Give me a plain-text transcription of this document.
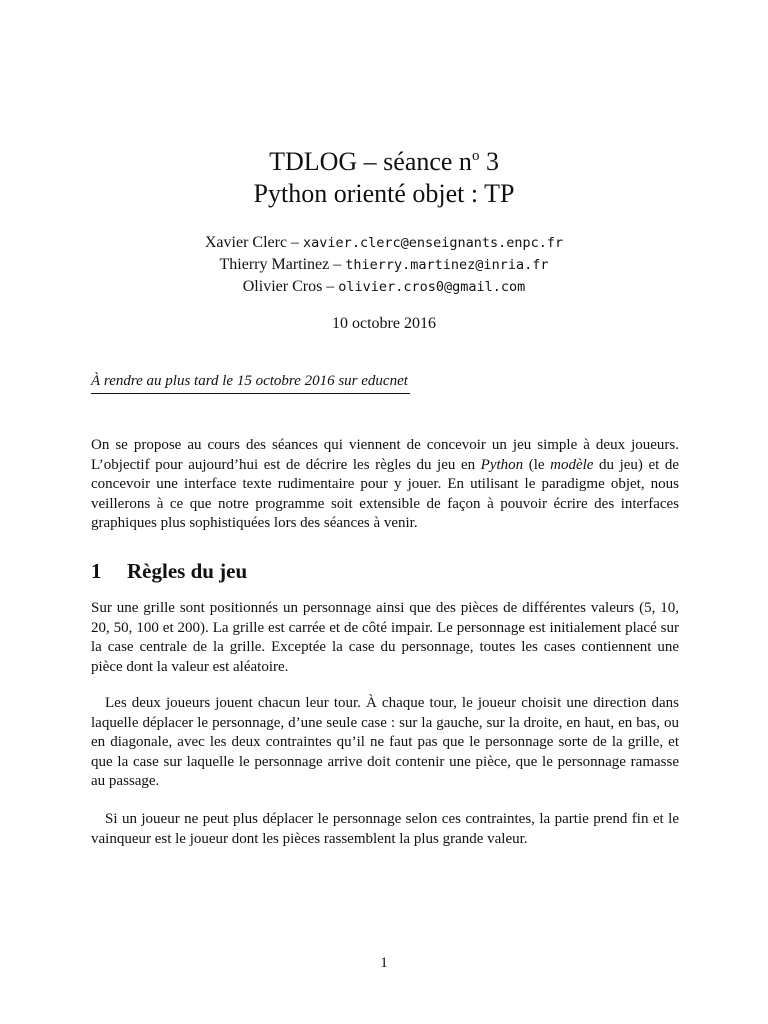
TDLOG – séance $n^o$ 3
Python orienté objet : TP
Xavier Clerc – xavier.clerc@enseignants.enpc.fr
Thierry Martinez – thierry.martinez@inria.fr
Olivier Cros – olivier.cros0@gmail.com
10 octobre 2016
À rendre au plus tard le 15 octobre 2016 sur educnet
On se propose au cours des séances qui viennent de concevoir un jeu simple à deux joueurs. L’objectif pour aujourd’hui est de décrire les règles du jeu en Python (le modèle du jeu) et de concevoir une interface texte rudimentaire pour y jouer. En utilisant le paradigme objet, nous veillerons à ce que notre programme soit extensible de façon à pouvoir écrire des interfaces graphiques plus sophistiquées lors des séances à venir.
1 Règles du jeu
Sur une grille sont positionnés un personnage ainsi que des pièces de différentes valeurs (5, 10, 20, 50, 100 et 200). La grille est carrée et de côté impair. Le personnage est initialement placé sur la case centrale de la grille. Exceptée la case du personnage, toutes les cases contiennent une pièce dont la valeur est aléatoire.
Les deux joueurs jouent chacun leur tour. À chaque tour, le joueur choisit une direction dans laquelle déplacer le personnage, d’une seule case : sur la gauche, sur la droite, en haut, en bas, ou en diagonale, avec les deux contraintes qu’il ne faut pas que le personnage sorte de la grille, et que la case sur laquelle le personnage arrive doit contenir une pièce, que le personnage ramasse au passage.
Si un joueur ne peut plus déplacer le personnage selon ces contraintes, la partie prend fin et le vainqueur est le joueur dont les pièces rassemblent la plus grande valeur.
1
